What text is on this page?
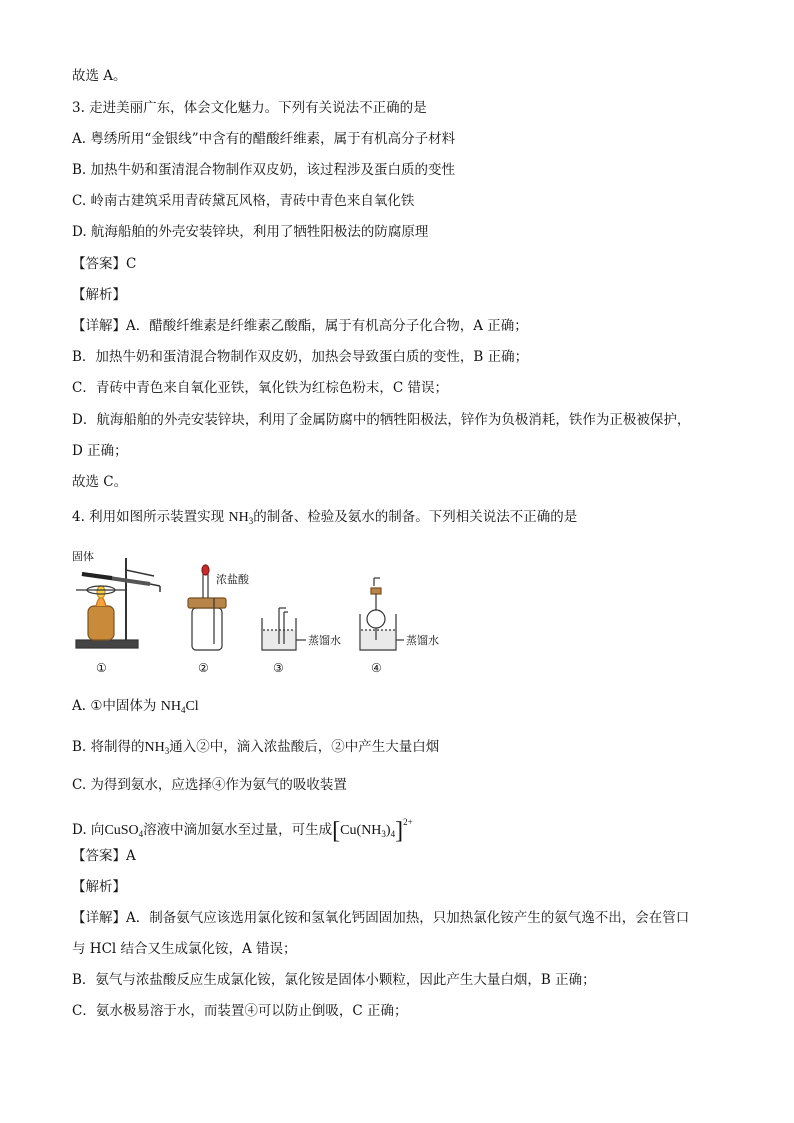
故选 A。
3. 走进美丽广东，体会文化魅力。下列有关说法不正确的是
A. 粤绣所用“金银线”中含有的醋酸纤维素，属于有机高分子材料
B. 加热牛奶和蛋清混合物制作双皮奶，该过程涉及蛋白质的变性
C. 岭南古建筑采用青砖黛瓦风格，青砖中青色来自氧化铁
D. 航海船舶的外壳安装锌块，利用了牺牲阳极法的防腐原理
【答案】C
【解析】
【详解】A．醋酸纤维素是纤维素乙酸酯，属于有机高分子化合物，A 正确；
B．加热牛奶和蛋清混合物制作双皮奶，加热会导致蛋白质的变性，B 正确；
C．青砖中青色来自氧化亚铁，氧化铁为红棕色粉末，C 错误；
D．航海船舶的外壳安装锌块，利用了金属防腐中的牺牲阳极法，锌作为负极消耗，铁作为正极被保护，
D 正确；
故选 C。
4. 利用如图所示装置实现 $NH_3$的制备、检验及氨水的制备。下列相关说法不正确的是
固体
浓盐酸
蒸馏水	蒸馏水
①	②	③	④
A. ①中固体为 $NH_4Cl$
B. 将制得的$NH_3$通入②中，滴入浓盐酸后，②中产生大量白烟
C. 为得到氨水，应选择④作为氨气的吸收装置
D. 向CuSO$_4$溶液中滴加氨水至过量，可生成$[Cu(NH_3)_4]^{2+}$
【答案】A
【解析】
【详解】A．制备氨气应该选用氯化铵和氢氧化钙固固加热，只加热氯化铵产生的氨气逸不出，会在管口
与 HCl 结合又生成氯化铵，A 错误；
B．氨气与浓盐酸反应生成氯化铵，氯化铵是固体小颗粒，因此产生大量白烟，B 正确；
C．氨水极易溶于水，而装置④可以防止倒吸，C 正确；
